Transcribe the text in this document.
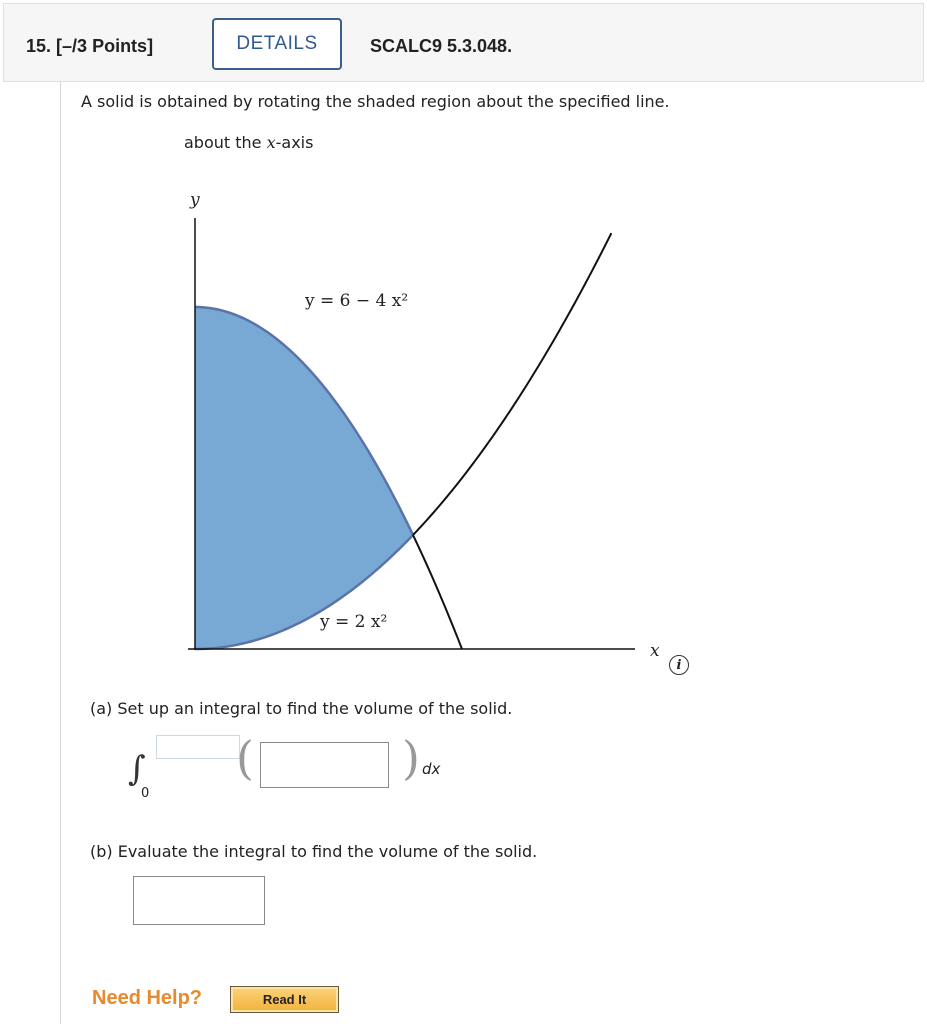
15. [–/3 Points]	DETAILS	SCALC9 5.3.048.
A solid is obtained by rotating the shaded region about the specified line.
about the x-axis
y
x
y = 6 − 4 x²
y = 2 x²
i
(a) Set up an integral to find the volume of the solid.
∫
0
(	) dx
(b) Evaluate the integral to find the volume of the solid.
Need Help?	Read It
